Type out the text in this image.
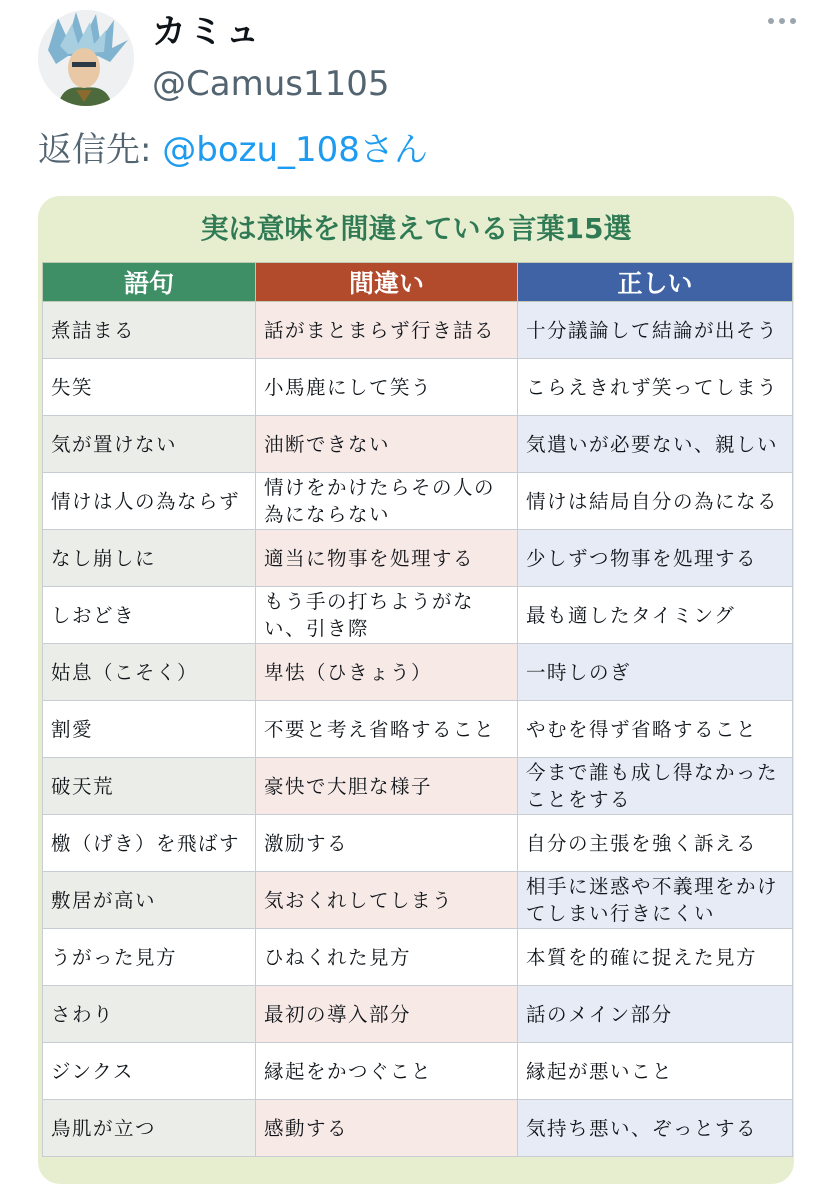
カミュ
@Camus1105
返信先: @bozu_108さん
実は意味を間違えている言葉15選
語句	間違い	正しい
煮詰まる	話がまとまらず行き詰る	十分議論して結論が出そう
失笑	小馬鹿にして笑う	こらえきれず笑ってしまう
気が置けない	油断できない	気遣いが必要ない、親しい
情けは人の為ならず	情けをかけたらその人の為にならない	情けは結局自分の為になる
なし崩しに	適当に物事を処理する	少しずつ物事を処理する
しおどき	もう手の打ちようがない、引き際	最も適したタイミング
姑息（こそく）	卑怯（ひきょう）	一時しのぎ
割愛	不要と考え省略すること	やむを得ず省略すること
破天荒	豪快で大胆な様子	今まで誰も成し得なかったことをする
檄（げき）を飛ばす	激励する	自分の主張を強く訴える
敷居が高い	気おくれしてしまう	相手に迷惑や不義理をかけてしまい行きにくい
うがった見方	ひねくれた見方	本質を的確に捉えた見方
さわり	最初の導入部分	話のメイン部分
ジンクス	縁起をかつぐこと	縁起が悪いこと
鳥肌が立つ	感動する	気持ち悪い、ぞっとする
